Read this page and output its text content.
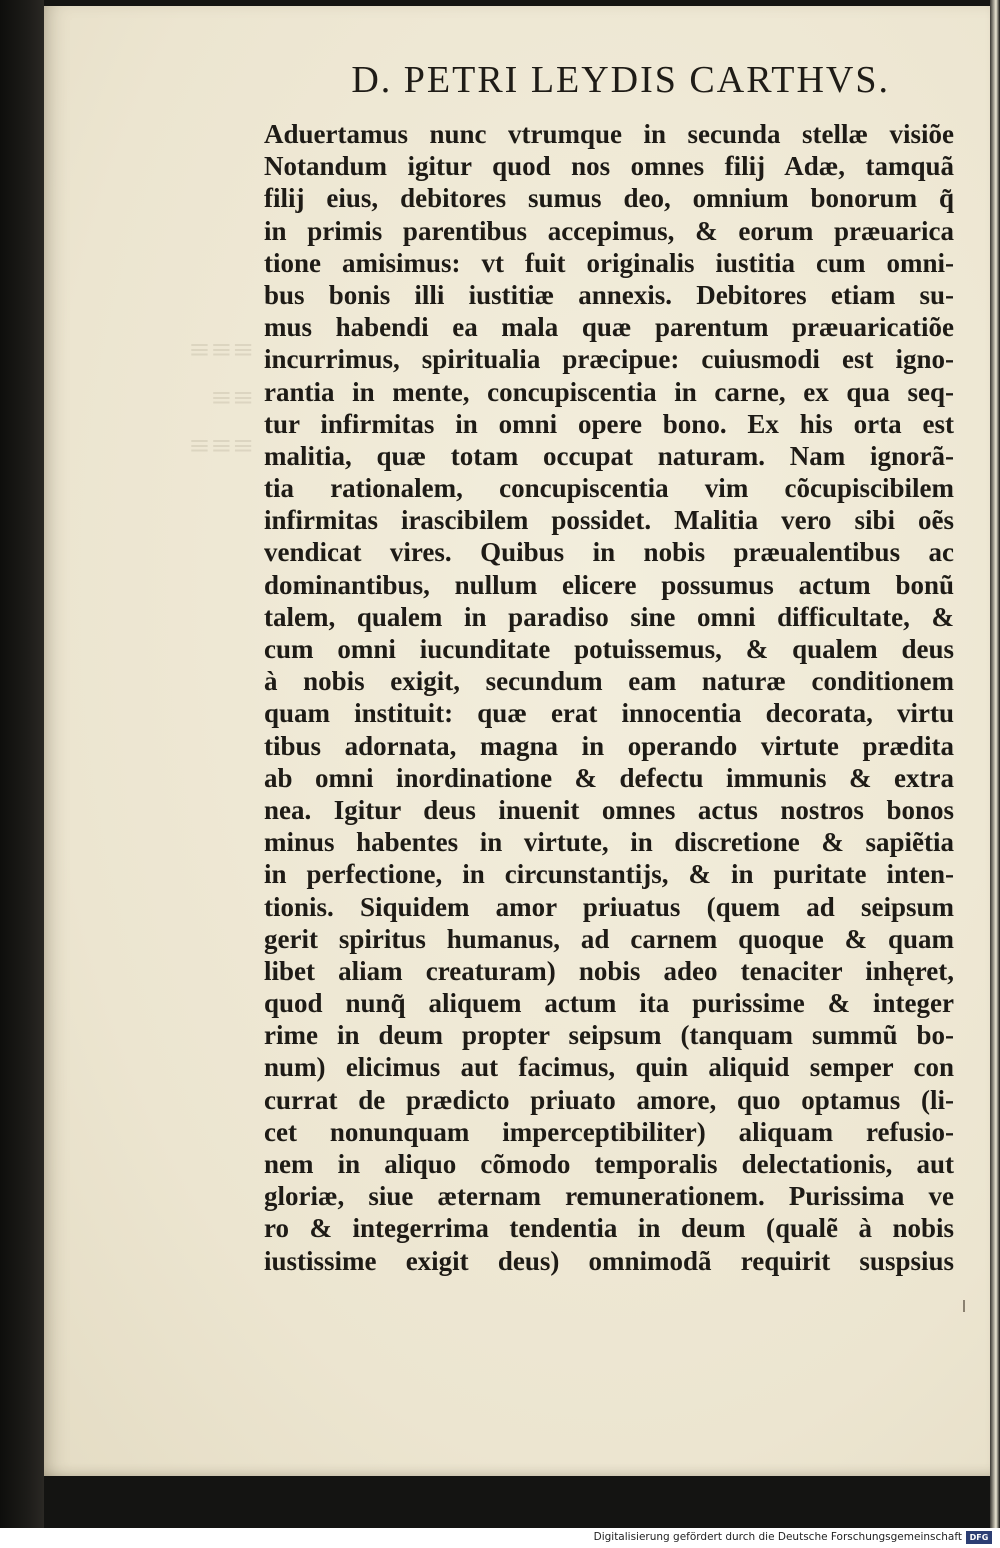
≡≡≡
≡≡
≡≡≡
D. PETRI LEYDIS CARTHVS.
Aduertamus nunc vtrumque in secunda stellæ visiõe
Notandum igitur quod nos omnes filij Adæ, tamquã
filij eius, debitores sumus deo, omnium bonorum q̃
in primis parentibus accepimus, & eorum præuarica
tione amisimus: vt fuit originalis iustitia cum omni-
bus bonis illi iustitiæ annexis. Debitores etiam su-
mus habendi ea mala quæ parentum præuaricatiõe
incurrimus, spiritualia præcipue: cuiusmodi est igno-
rantia in mente, concupiscentia in carne, ex qua seq-
tur infirmitas in omni opere bono. Ex his orta est
malitia, quæ totam occupat naturam. Nam ignorã-
tia rationalem, concupiscentia vim cõcupiscibilem
infirmitas irascibilem possidet. Malitia vero sibi oẽs
vendicat vires. Quibus in nobis præualentibus ac
dominantibus, nullum elicere possumus actum bonũ
talem, qualem in paradiso sine omni difficultate, &
cum omni iucunditate potuissemus, & qualem deus
à nobis exigit, secundum eam naturæ conditionem
quam instituit: quæ erat innocentia decorata, virtu
tibus adornata, magna in operando virtute prædita
ab omni inordinatione & defectu immunis & extra
nea. Igitur deus inuenit omnes actus nostros bonos
minus habentes in virtute, in discretione & sapiẽtia
in perfectione, in circunstantijs, & in puritate inten-
tionis. Siquidem amor priuatus (quem ad seipsum
gerit spiritus humanus, ad carnem quoque & quam
libet aliam creaturam) nobis adeo tenaciter inhęret,
quod nunq̃ aliquem actum ita purissime & integer
rime in deum propter seipsum (tanquam summũ bo-
num) elicimus aut facimus, quin aliquid semper con
currat de prædicto priuato amore, quo optamus (li-
cet nonunquam imperceptibiliter) aliquam refusio-
nem in aliquo cõmodo temporalis delectationis, aut
gloriæ, siue æternam remunerationem. Purissima ve
ro & integerrima tendentia in deum (qualẽ à nobis
iustissime exigit deus) omnimodã requirit suspsius
Digitalisierung gefördert durch die Deutsche Forschungsgemeinschaft DFG
